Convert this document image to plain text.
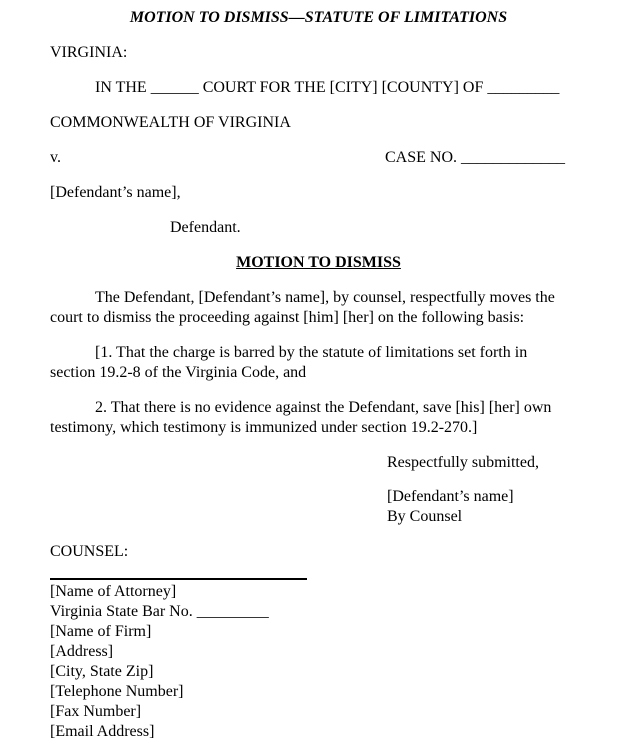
MOTION TO DISMISS—STATUTE OF LIMITATIONS
VIRGINIA:
IN THE ______ COURT FOR THE [CITY] [COUNTY] OF _________
COMMONWEALTH OF VIRGINIA
v.	CASE NO. _____________
[Defendant’s name],
Defendant.
MOTION TO DISMISS
The Defendant, [Defendant’s name], by counsel, respectfully moves the
court to dismiss the proceeding against [him] [her] on the following basis:
[1. That the charge is barred by the statute of limitations set forth in
section 19.2-8 of the Virginia Code, and
2. That there is no evidence against the Defendant, save [his] [her] own
testimony, which testimony is immunized under section 19.2-270.]
Respectfully submitted,
[Defendant’s name]
By Counsel
COUNSEL:
[Name of Attorney]
Virginia State Bar No. _________
[Name of Firm]
[Address]
[City, State Zip]
[Telephone Number]
[Fax Number]
[Email Address]
